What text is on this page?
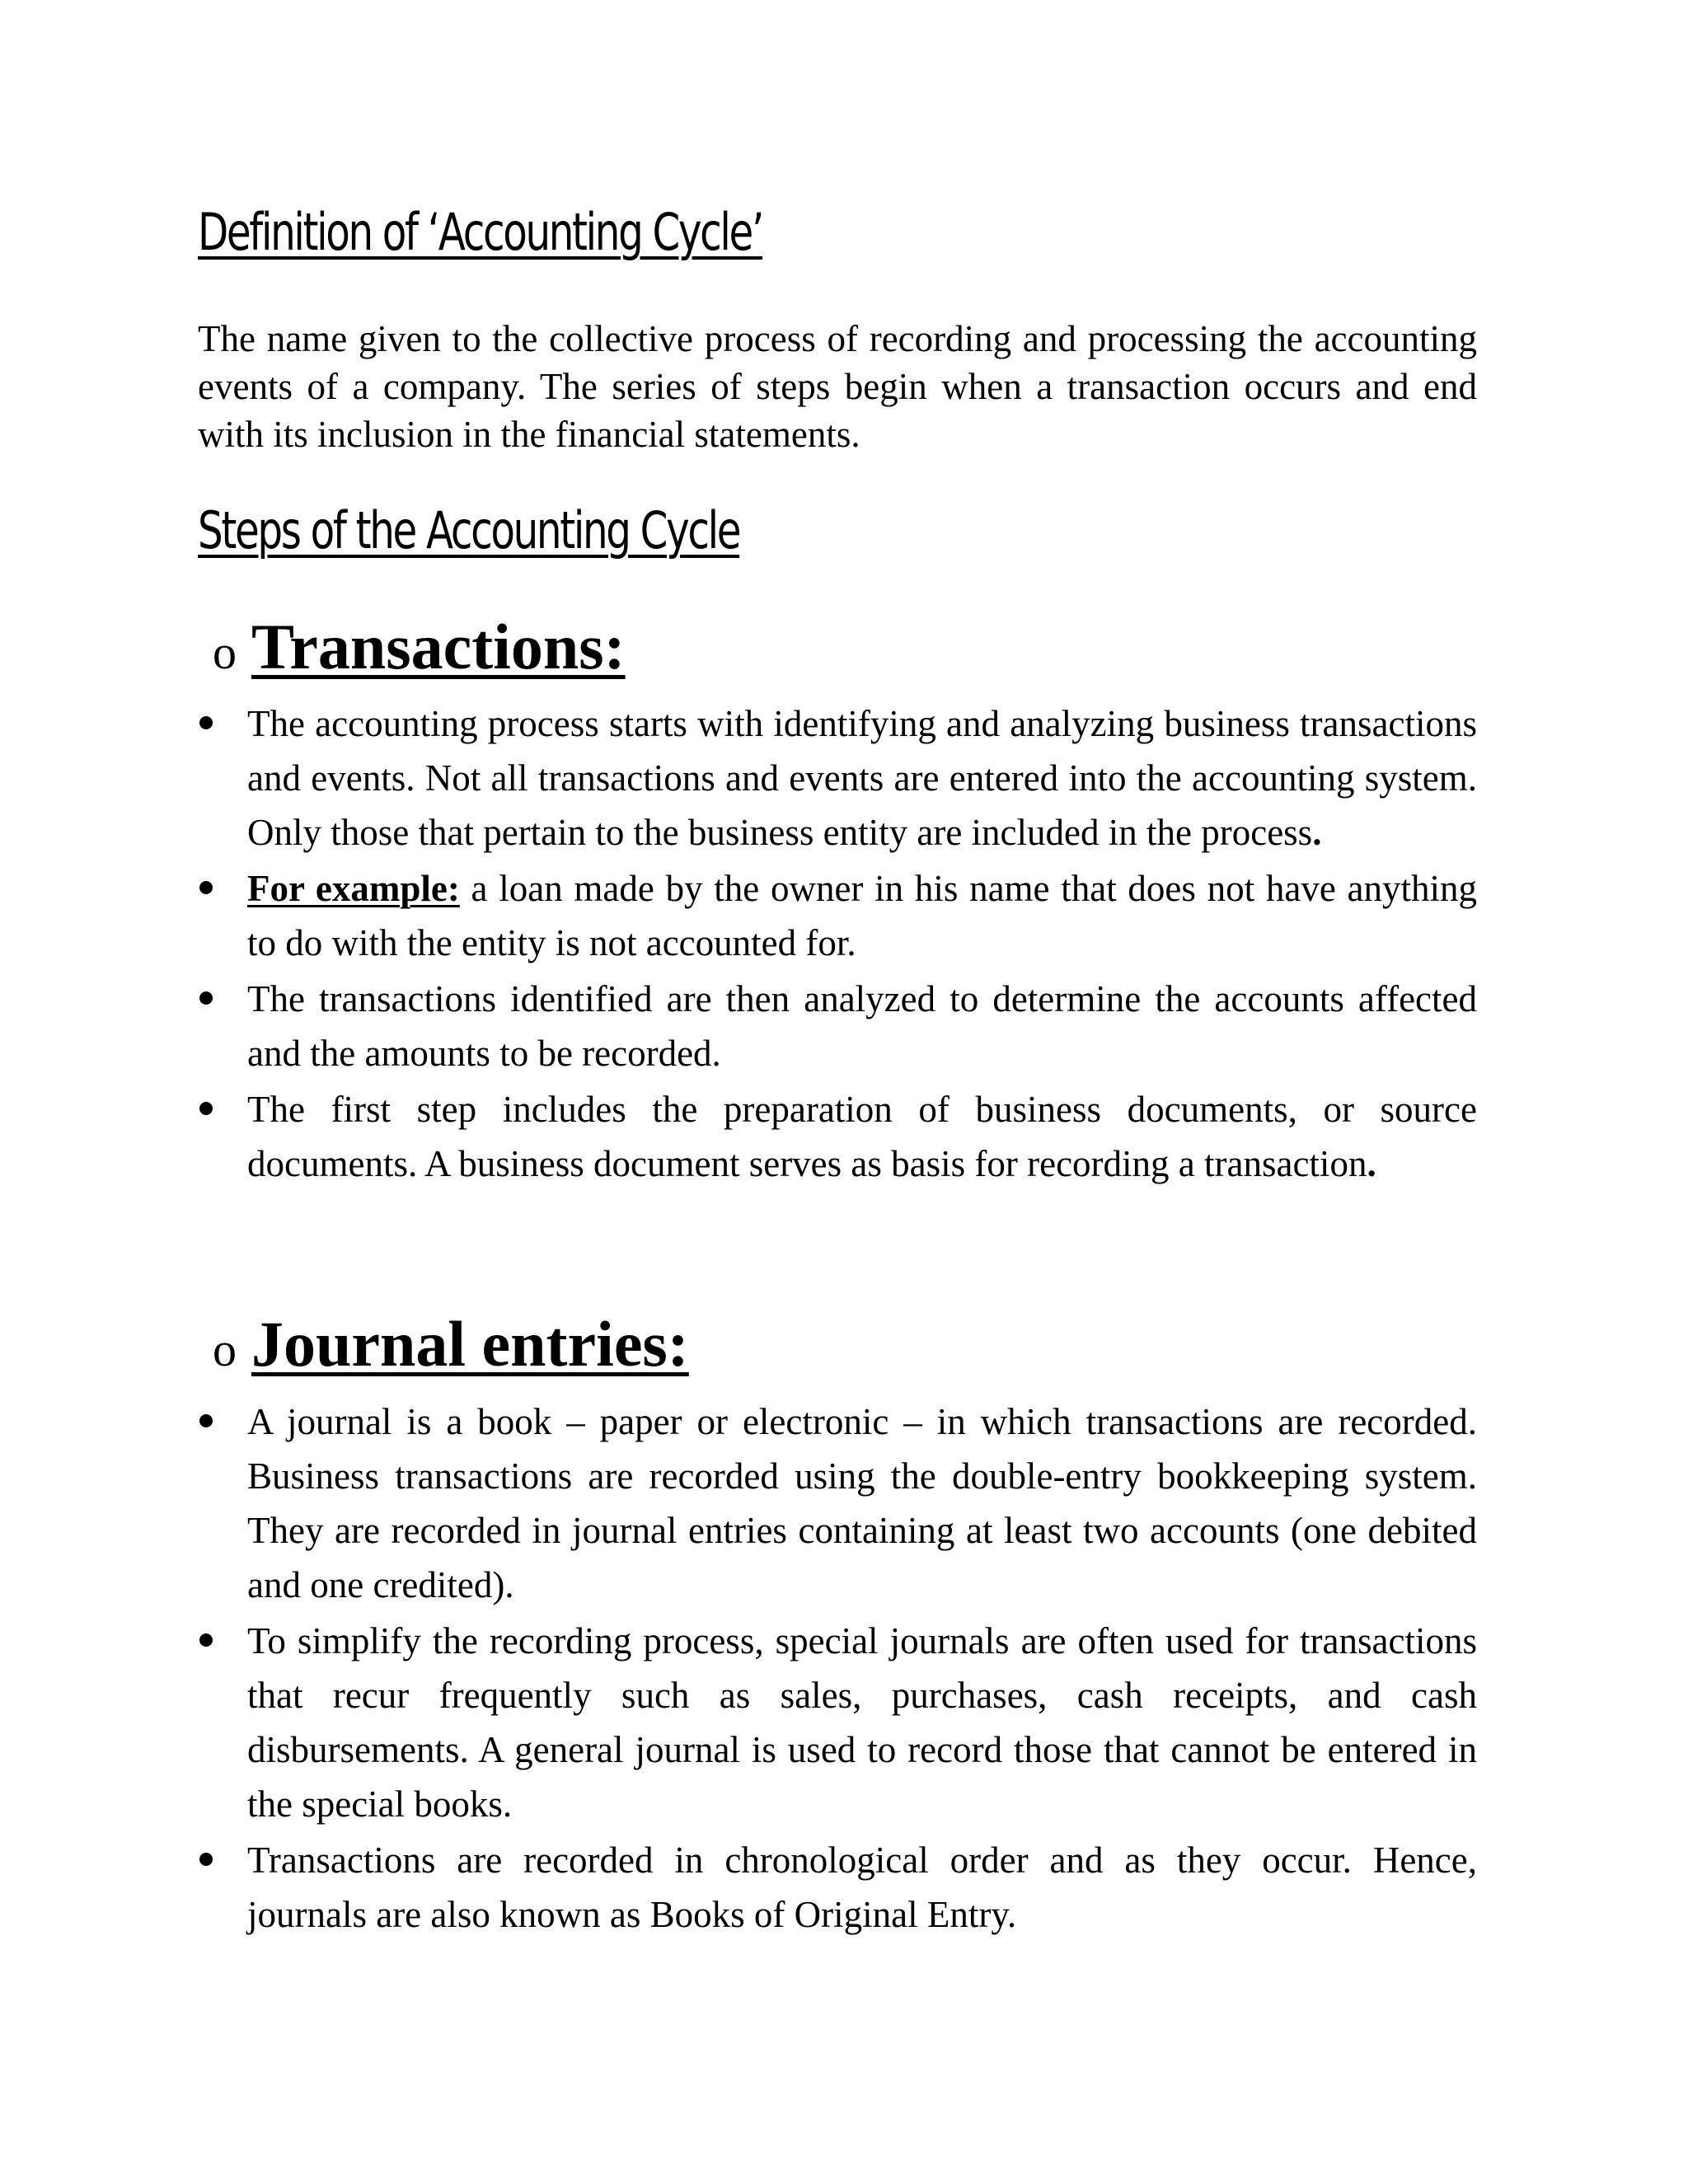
Definition of ‘Accounting Cycle’

The name given to the collective process of recording and processing the accounting events of a company. The series of steps begin when a transaction occurs and end with its inclusion in the financial statements.

Steps of the Accounting Cycle
o Transactions:
The accounting process starts with identifying and analyzing business transactions and events. Not all transactions and events are entered into the accounting system. Only those that pertain to the business entity are included in the process.
For example: a loan made by the owner in his name that does not have anything to do with the entity is not accounted for.
The transactions identified are then analyzed to determine the accounts affected and the amounts to be recorded.
The first step includes the preparation of business documents, or source documents. A business document serves as basis for recording a transaction.
o Journal entries:
A journal is a book – paper or electronic – in which transactions are recorded. Business transactions are recorded using the double-entry bookkeeping system. They are recorded in journal entries containing at least two accounts (one debited and one credited).
To simplify the recording process, special journals are often used for transactions that recur frequently such as sales, purchases, cash receipts, and cash disbursements. A general journal is used to record those that cannot be entered in the special books.
Transactions are recorded in chronological order and as they occur. Hence, journals are also known as Books of Original Entry.
